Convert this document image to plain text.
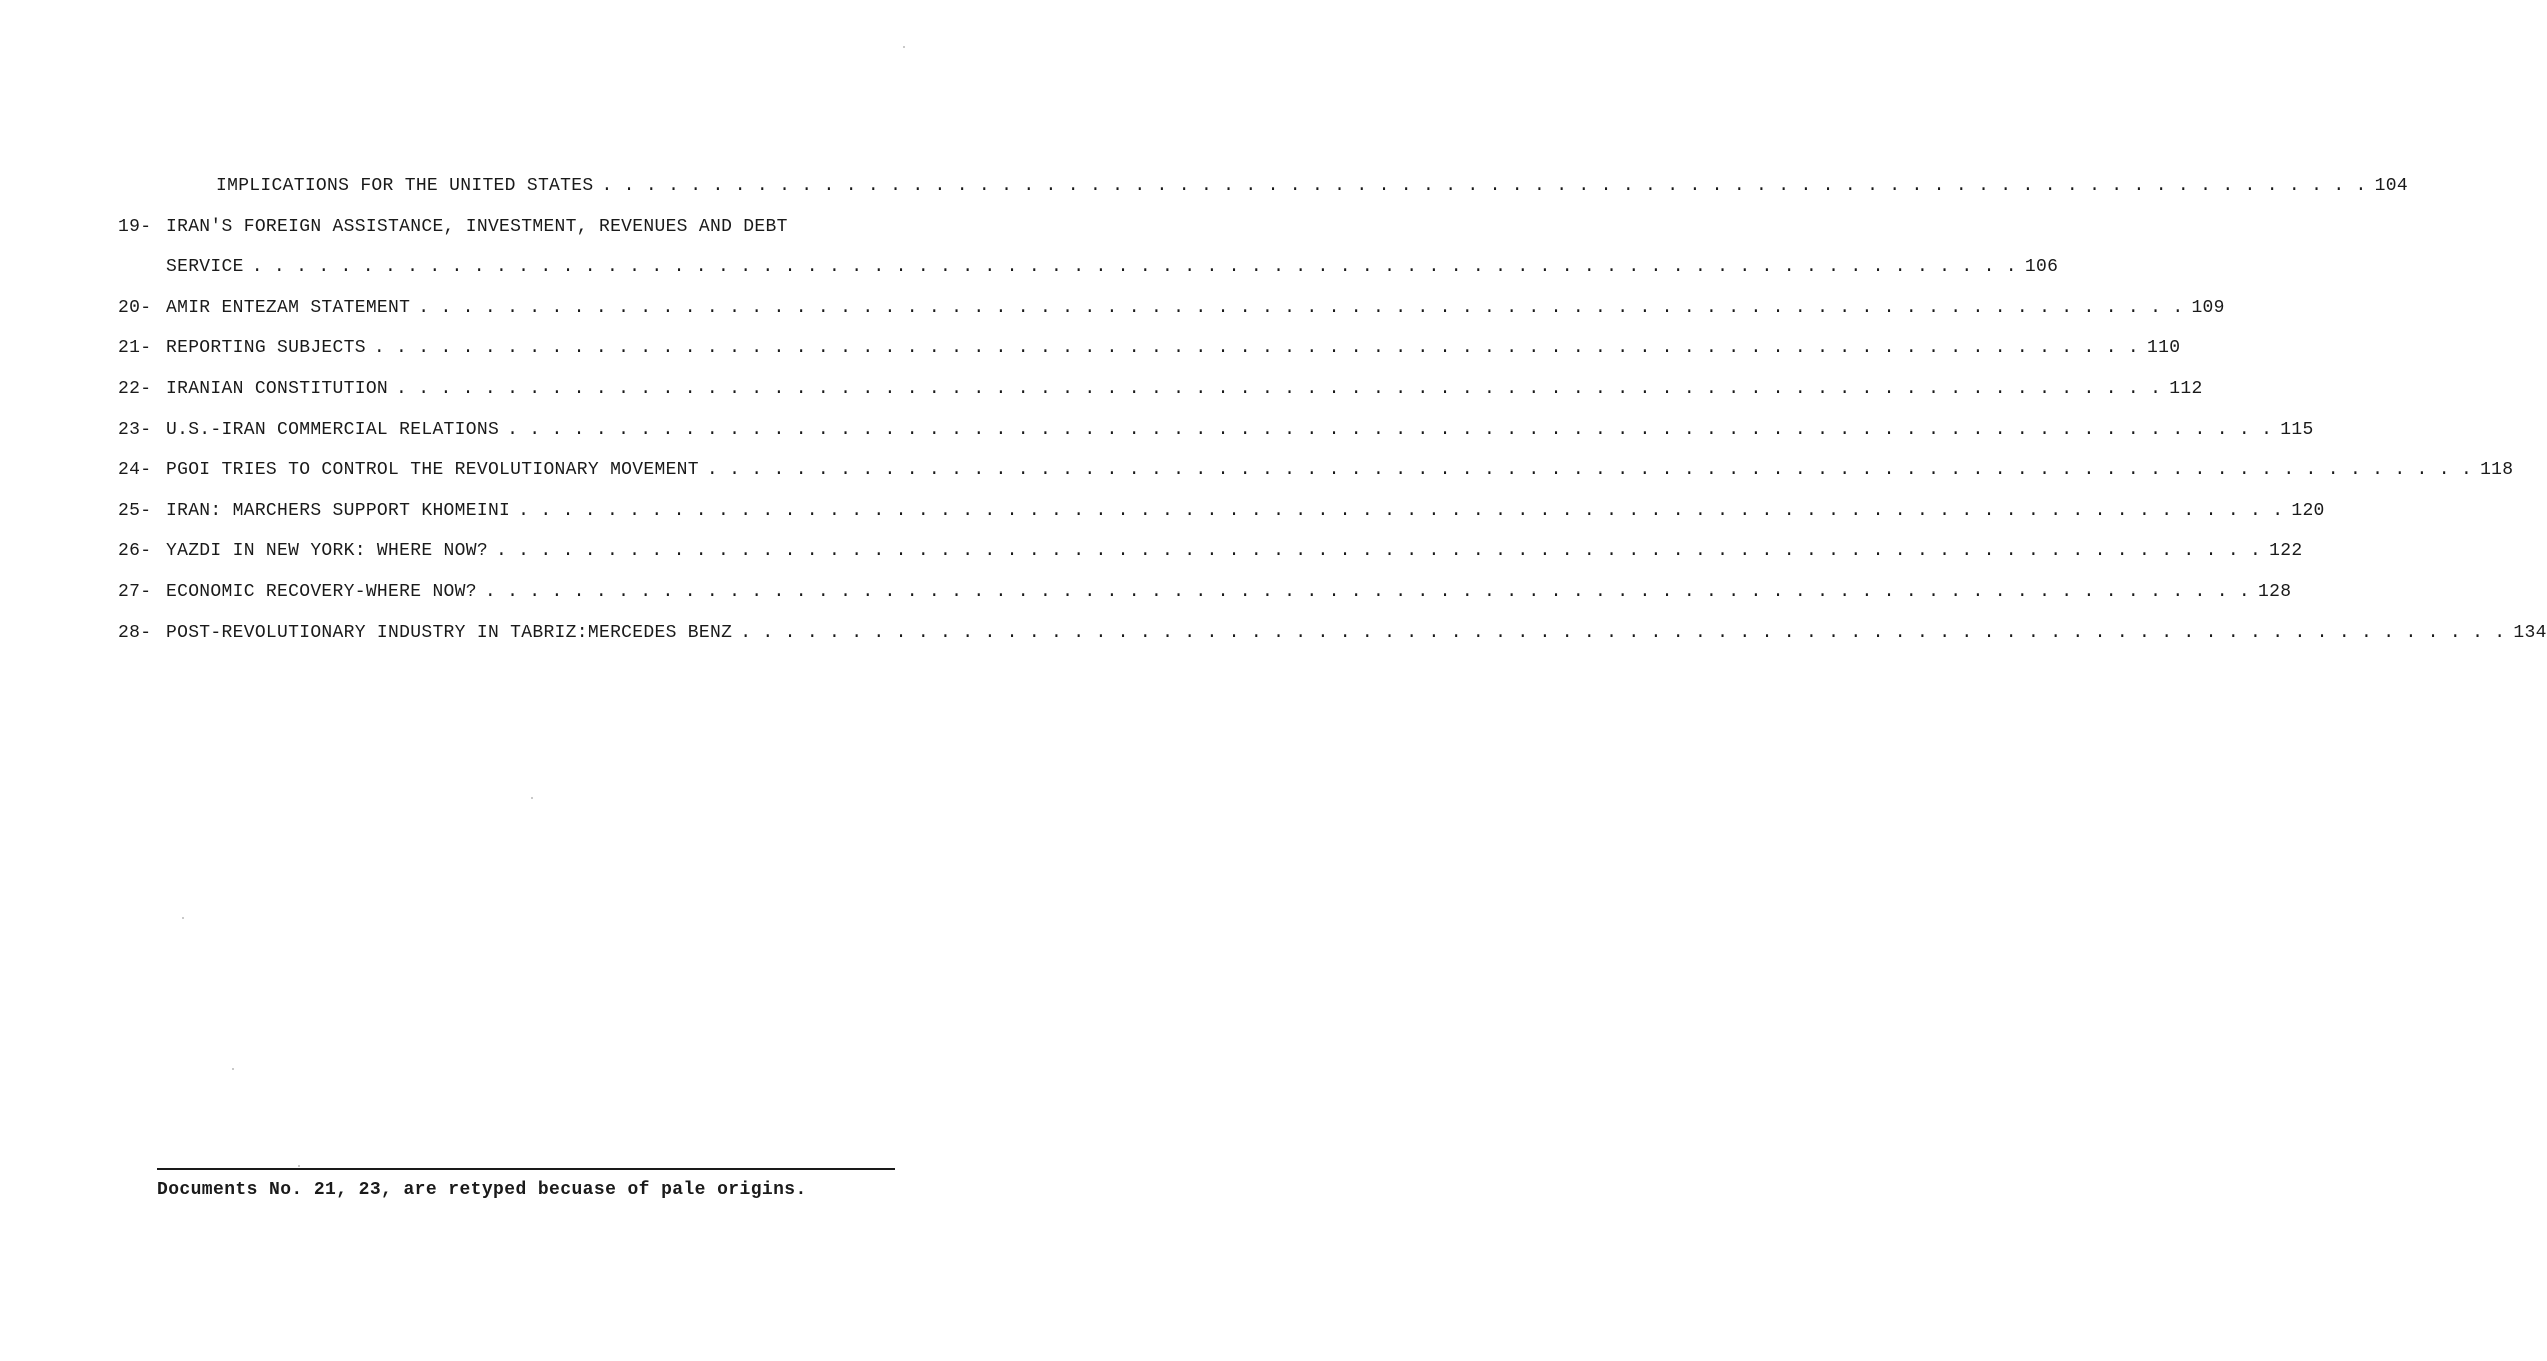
IMPLICATIONS FOR THE UNITED STATES . . . . . . . . . . . . . . . . . . . . . . . . . . . . . . . . . . . . . . . . . . . . . . . . . . . . . . . . . . . . . . . . . . . . . . . . . . . . . . . . 104
19- IRAN'S FOREIGN ASSISTANCE, INVESTMENT, REVENUES AND DEBT
SERVICE . . . . . . . . . . . . . . . . . . . . . . . . . . . . . . . . . . . . . . . . . . . . . . . . . . . . . . . . . . . . . . . . . . . . . . . . . . . . . . . . 106
20- AMIR ENTEZAM STATEMENT . . . . . . . . . . . . . . . . . . . . . . . . . . . . . . . . . . . . . . . . . . . . . . . . . . . . . . . . . . . . . . . . . . . . . . . . . . . . . . . . 109
21- REPORTING SUBJECTS . . . . . . . . . . . . . . . . . . . . . . . . . . . . . . . . . . . . . . . . . . . . . . . . . . . . . . . . . . . . . . . . . . . . . . . . . . . . . . . . 110
22- IRANIAN CONSTITUTION . . . . . . . . . . . . . . . . . . . . . . . . . . . . . . . . . . . . . . . . . . . . . . . . . . . . . . . . . . . . . . . . . . . . . . . . . . . . . . . . 112
23- U.S.-IRAN COMMERCIAL RELATIONS . . . . . . . . . . . . . . . . . . . . . . . . . . . . . . . . . . . . . . . . . . . . . . . . . . . . . . . . . . . . . . . . . . . . . . . . . . . . . . . . 115
24- PGOI TRIES TO CONTROL THE REVOLUTIONARY MOVEMENT . . . . . . . . . . . . . . . . . . . . . . . . . . . . . . . . . . . . . . . . . . . . . . . . . . . . . . . . . . . . . . . . . . . . . . . . . . . . . . . . 118
25- IRAN: MARCHERS SUPPORT KHOMEINI . . . . . . . . . . . . . . . . . . . . . . . . . . . . . . . . . . . . . . . . . . . . . . . . . . . . . . . . . . . . . . . . . . . . . . . . . . . . . . . . 120
26- YAZDI IN NEW YORK: WHERE NOW? . . . . . . . . . . . . . . . . . . . . . . . . . . . . . . . . . . . . . . . . . . . . . . . . . . . . . . . . . . . . . . . . . . . . . . . . . . . . . . . . 122
27- ECONOMIC RECOVERY-WHERE NOW? . . . . . . . . . . . . . . . . . . . . . . . . . . . . . . . . . . . . . . . . . . . . . . . . . . . . . . . . . . . . . . . . . . . . . . . . . . . . . . . . 128
28- POST-REVOLUTIONARY INDUSTRY IN TABRIZ:MERCEDES BENZ . . . . . . . . . . . . . . . . . . . . . . . . . . . . . . . . . . . . . . . . . . . . . . . . . . . . . . . . . . . . . . . . . . . . . . . . . . . . . . . . 134
Documents No. 21, 23, are retyped becuase of pale origins.
